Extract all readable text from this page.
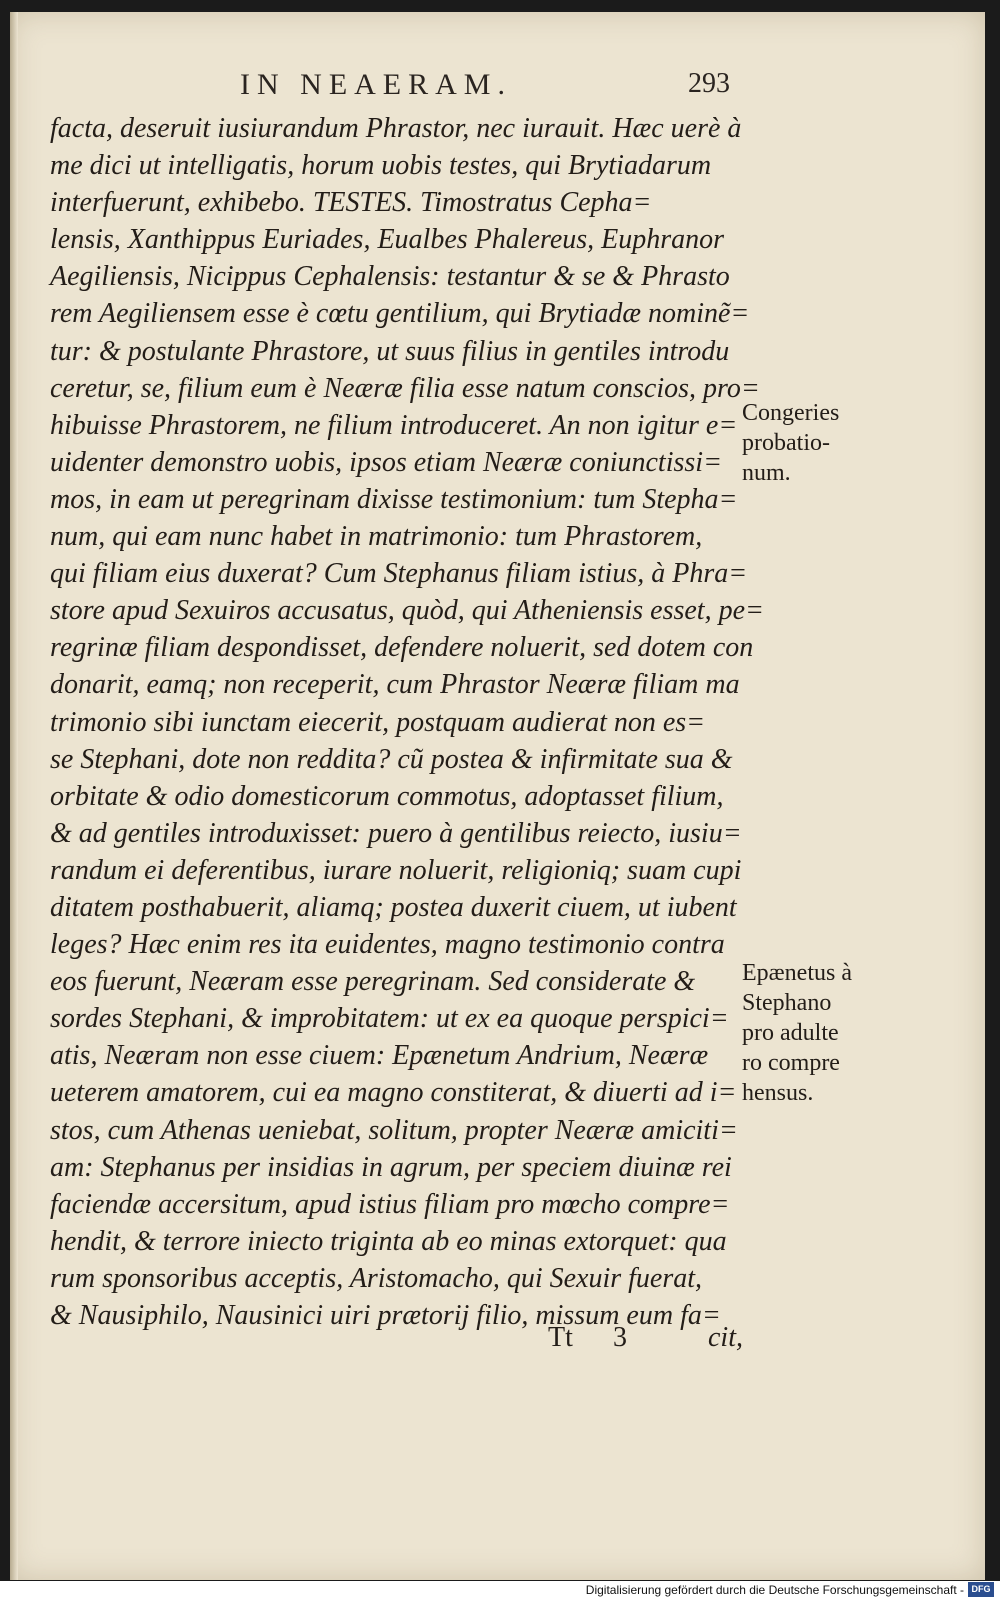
IN NEAERAM.	293
facta, deseruit iusiurandum Phrastor, nec iurauit. Hæc uerè à
me dici ut intelligatis, horum uobis testes, qui Brytiadarum
interfuerunt, exhibebo. TESTES. Timostratus Cepha=
lensis, Xanthippus Euriades, Eualbes Phalereus, Euphranor
Aegiliensis, Nicippus Cephalensis: testantur & se & Phrasto
rem Aegiliensem esse è cœtu gentilium, qui Brytiadæ nominẽ=
tur: & postulante Phrastore, ut suus filius in gentiles introdu
ceretur, se, filium eum è Neæræ filia esse natum conscios, pro=
hibuisse Phrastorem, ne filium introduceret. An non igitur e=
uidenter demonstro uobis, ipsos etiam Neæræ coniunctissi=
mos, in eam ut peregrinam dixisse testimonium: tum Stepha=
num, qui eam nunc habet in matrimonio: tum Phrastorem,
qui filiam eius duxerat? Cum Stephanus filiam istius, à Phra=
store apud Sexuiros accusatus, quòd, qui Atheniensis esset, pe=
regrinæ filiam despondisset, defendere noluerit, sed dotem con
donarit, eamq; non receperit, cum Phrastor Neæræ filiam ma
trimonio sibi iunctam eiecerit, postquam audierat non es=
se Stephani, dote non reddita? cũ postea & infirmitate sua &
orbitate & odio domesticorum commotus, adoptasset filium,
& ad gentiles introduxisset: puero à gentilibus reiecto, iusiu=
randum ei deferentibus, iurare noluerit, religioniq; suam cupi
ditatem posthabuerit, aliamq; postea duxerit ciuem, ut iubent
leges? Hæc enim res ita euidentes, magno testimonio contra
eos fuerunt, Neæram esse peregrinam. Sed considerate &
sordes Stephani, & improbitatem: ut ex ea quoque perspici=
atis, Neæram non esse ciuem: Epænetum Andrium, Neæræ
ueterem amatorem, cui ea magno constiterat, & diuerti ad i=
stos, cum Athenas ueniebat, solitum, propter Neæræ amiciti=
am: Stephanus per insidias in agrum, per speciem diuinæ rei
faciendæ accersitum, apud istius filiam pro mœcho compre=
hendit, & terrore iniecto triginta ab eo minas extorquet: qua
rum sponsoribus acceptis, Aristomacho, qui Sexuir fuerat,
& Nausiphilo, Nausinici uiri prætorij filio, missum eum fa=
Tt 3	cit,
Congeries
probatio-
num.
Epænetus à
Stephano
pro adulte
ro compre
hensus.
Digitalisierung gefördert durch die Deutsche Forschungsgemeinschaft - DFG
